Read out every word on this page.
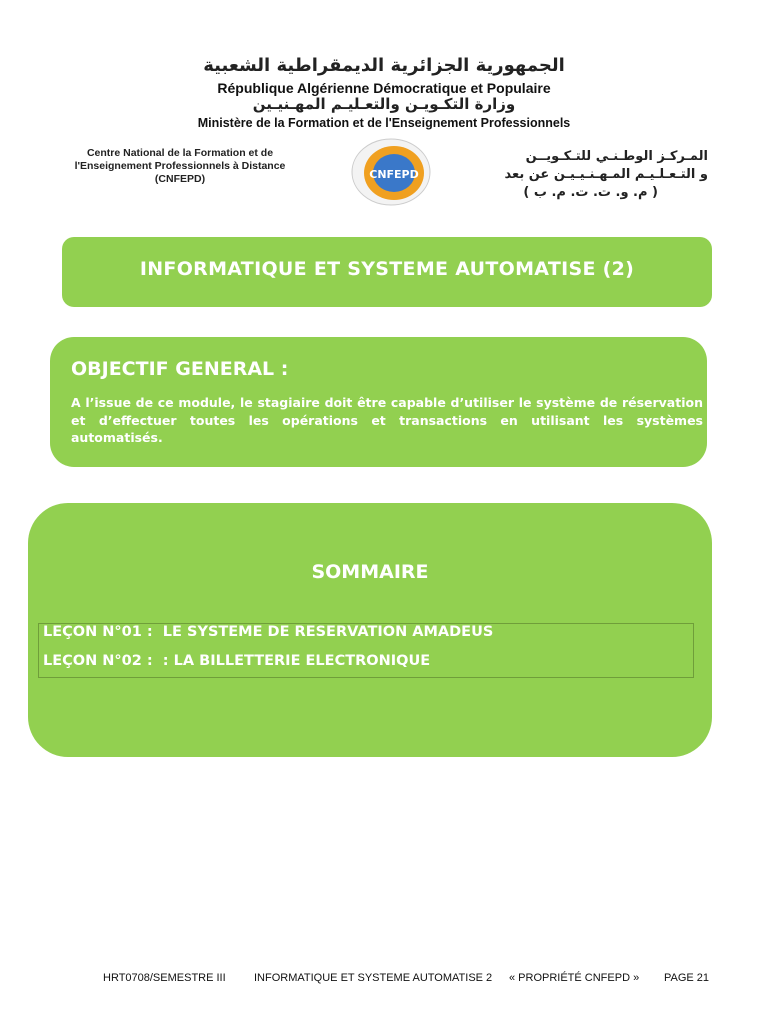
الجمهورية الجزائرية الديمقراطية الشعبية
République Algérienne Démocratique et Populaire
وزارة التكـويـن والتعـليـم المهـنيـين
Ministère de la Formation et de l'Enseignement Professionnels
Centre National de la Formation et de
l'Enseignement Professionnels à Distance
(CNFEPD)	CNFEPD
المـركـز الوطـنـي للتـكـويــن
و التـعـلـيـم المـهـنـيـيـن عن بعد
( م. و. ت. ت. م. ب )
INFORMATIQUE ET SYSTEME AUTOMATISE (2)
OBJECTIF GENERAL :
A l’issue de ce module, le stagiaire doit être capable d’utiliser le système de réservation et d’effectuer toutes les opérations et transactions en utilisant les systèmes automatisés.
SOMMAIRE
LEÇON N°01 :  LE SYSTEME DE RESERVATION AMADEUS
LEÇON N°02 :  : LA BILLETTERIE ELECTRONIQUE
HRT0708/SEMESTRE III	INFORMATIQUE ET SYSTEME AUTOMATISE 2 « PROPRIÉTÉ CNFEPD » PAGE 21
